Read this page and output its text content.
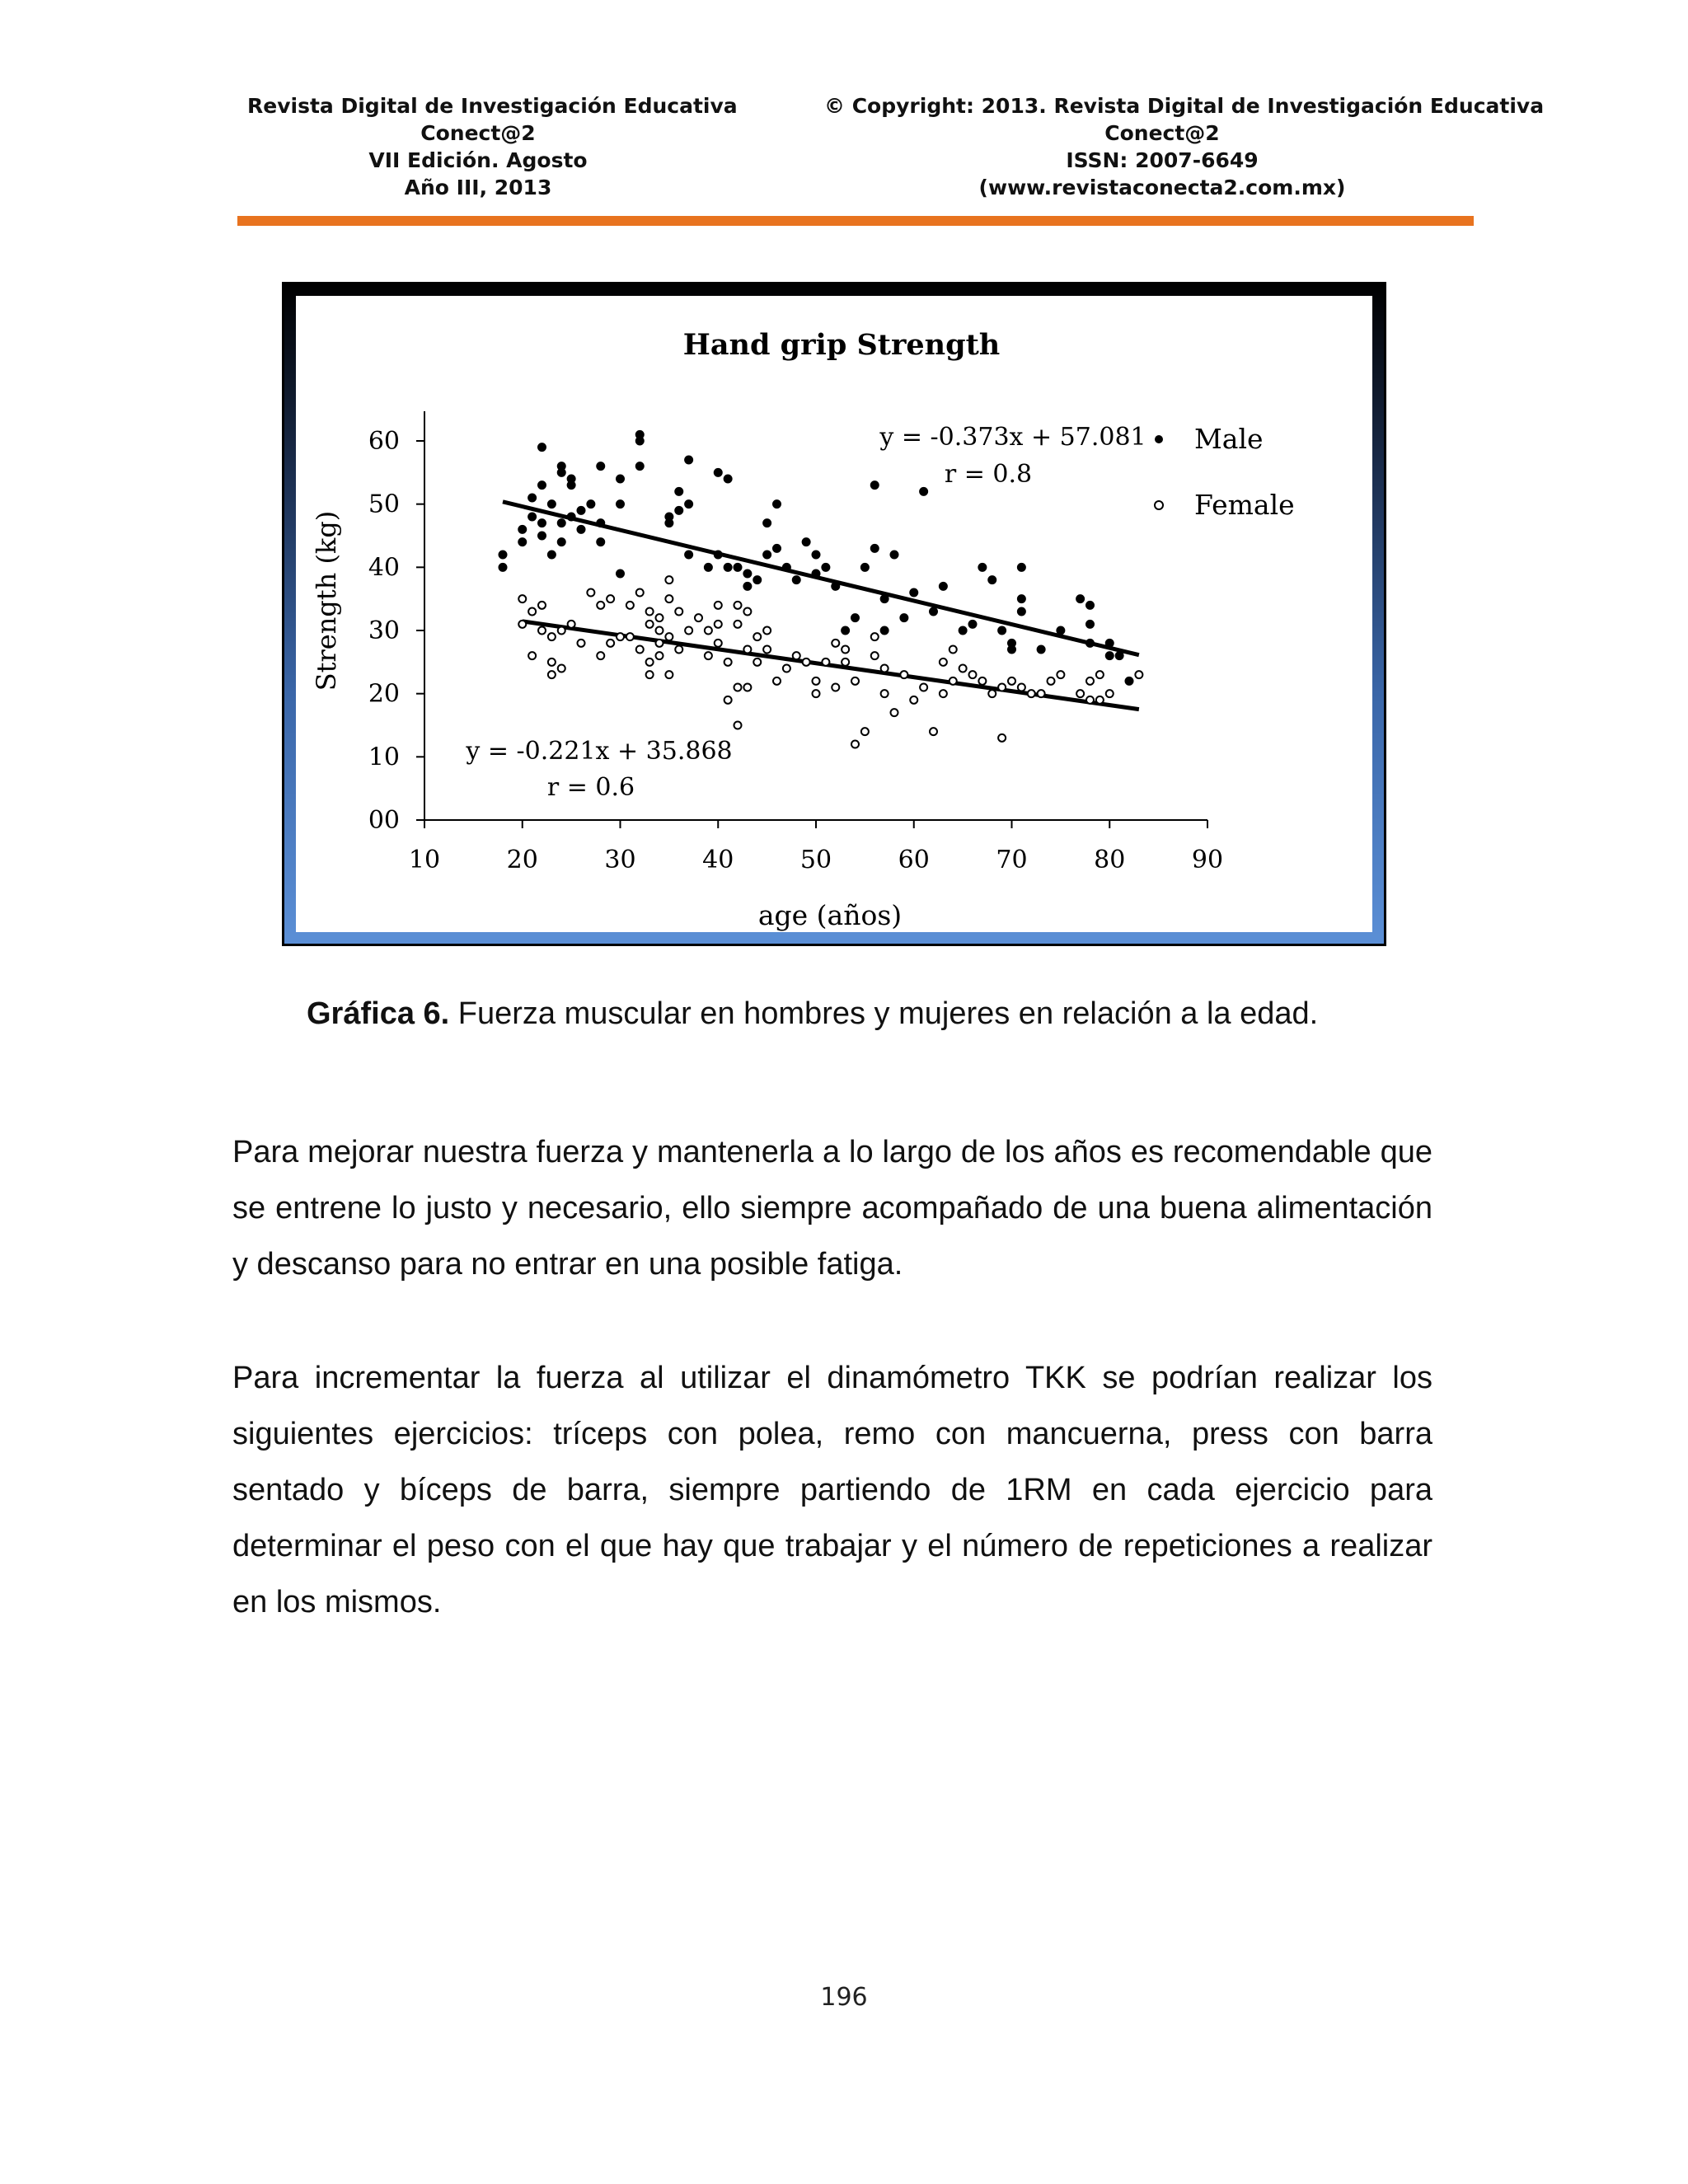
Revista Digital de Investigación Educativa
Conect@2
VII Edición. Agosto
Año III, 2013
© Copyright: 2013. Revista Digital de Investigación Educativa
Conect@2
ISSN: 2007-6649
(www.revistaconecta2.com.mx)
Hand grip Strength
Strength (kg)
age (años)
10	20	30	40	50	60	70	80	90
00
10
20
30
40
50
60	y = -0.373x + 57.081
r = 0.8
y = -0.221x + 35.868
r = 0.6
Male
Female
Gráfica 6. Fuerza muscular en hombres y mujeres en relación a la edad.
Para mejorar nuestra fuerza y mantenerla a lo largo de los años es recomendable que se entrene lo justo y necesario, ello siempre acompañado de una buena alimentación y descanso para no entrar en una posible fatiga.
Para incrementar la fuerza al utilizar el dinamómetro TKK se podrían realizar los siguientes ejercicios: tríceps con polea, remo con mancuerna, press con barra sentado y bíceps de barra, siempre partiendo de 1RM en cada ejercicio para determinar el peso con el que hay que trabajar y el número de repeticiones a realizar en los mismos.
196
